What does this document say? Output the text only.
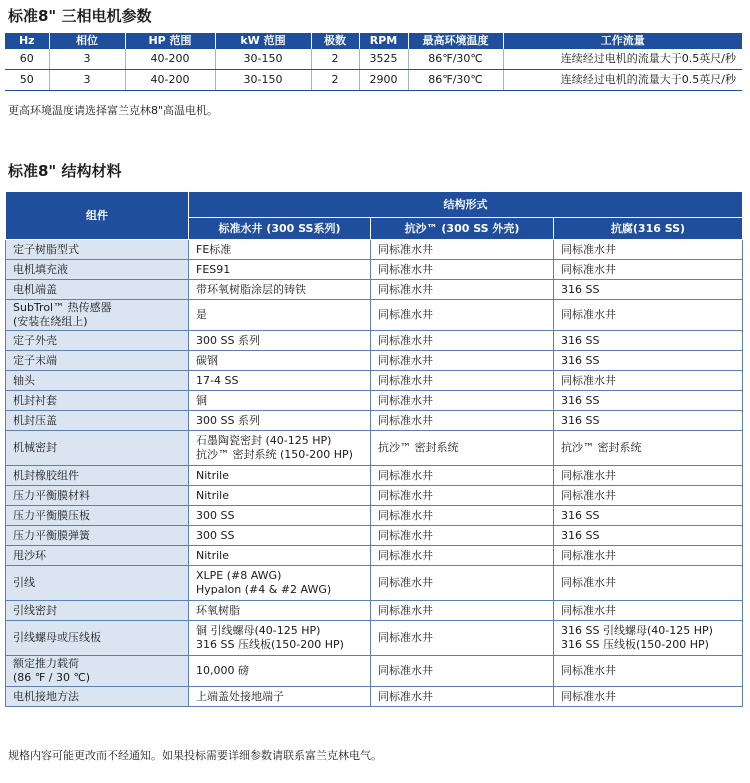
标准8" 三相电机参数
Hz	相位	HP 范围	kW 范围	极数	RPM	最高环境温度	工作流量
60	3	40-200	30-150	2	3525	86℉/30℃	连续经过电机的流量大于0.5英尺/秒
50	3	40-200	30-150	2	2900	86℉/30℃	连续经过电机的流量大于0.5英尺/秒
更高环境温度请选择富兰克林8"高温电机。
标准8" 结构材料
组件	结构形式		
	标准水井 (300 SS系列)	抗沙™ (300 SS 外壳)	抗腐(316 SS)

定子树脂型式	FE标准	同标准水井	同标准水井

电机填充液	FES91	同标准水井	同标准水井

电机端盖	带环氧树脂涂层的铸铁	同标准水井	316 SS

SubTrol™ 热传感器
(安装在绕组上)	是	同标准水井	同标准水井

定子外壳	300 SS 系列	同标准水井	316 SS

定子末端	碳钢	同标准水井	316 SS

轴头	17-4 SS	同标准水井	同标准水井

机封衬套	铜	同标准水井	316 SS

机封压盖	300 SS 系列	同标准水井	316 SS

机械密封	石墨陶瓷密封 (40-125 HP)
抗沙™ 密封系统 (150-200 HP)	抗沙™ 密封系统	抗沙™ 密封系统

机封橡胶组件	Nitrile	同标准水井	同标准水井

压力平衡膜材料	Nitrile	同标准水井	同标准水井

压力平衡膜压板	300 SS	同标准水井	316 SS

压力平衡膜弹簧	300 SS	同标准水井	316 SS

甩沙环	Nitrile	同标准水井	同标准水井

引线	XLPE (#8 AWG)
Hypalon (#4 & #2 AWG)	同标准水井	同标准水井

引线密封	环氧树脂	同标准水井	同标准水井

引线螺母或压线板	铜 引线螺母(40-125 HP)
316 SS 压线板(150-200 HP)	同标准水井	316 SS 引线螺母(40-125 HP)
316 SS 压线板(150-200 HP)

额定推力载荷
(86 ℉ / 30 ℃)	10,000 磅	同标准水井	同标准水井

电机接地方法	上端盖处接地端子	同标准水井	同标准水井
规格内容可能更改而不经通知。如果投标需要详细参数请联系富兰克林电气。
